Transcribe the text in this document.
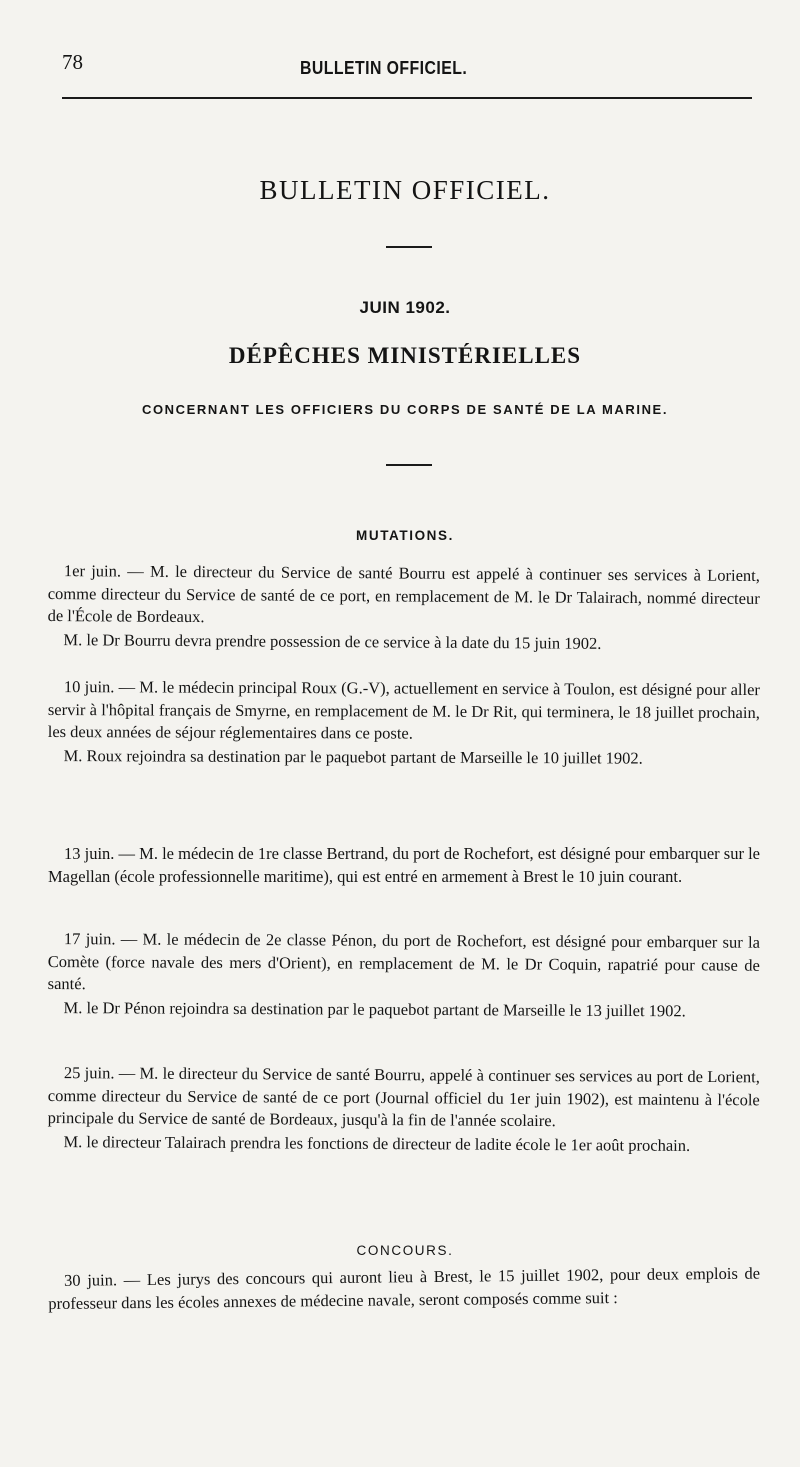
78	BULLETIN OFFICIEL.
BULLETIN OFFICIEL.
JUIN 1902.
DÉPÊCHES MINISTÉRIELLES
CONCERNANT LES OFFICIERS DU CORPS DE SANTÉ DE LA MARINE.
MUTATIONS.

1er juin. — M. le directeur du Service de santé Bourru est appelé à continuer ses services à Lorient, comme directeur du Service de santé de ce port, en remplacement de M. le Dr Talairach, nommé directeur de l'École de Bordeaux.

M. le Dr Bourru devra prendre possession de ce service à la date du 15 juin 1902.

10 juin. — M. le médecin principal Roux (G.-V), actuellement en service à Toulon, est désigné pour aller servir à l'hôpital français de Smyrne, en remplacement de M. le Dr Rit, qui terminera, le 18 juillet prochain, les deux années de séjour réglementaires dans ce poste.

M. Roux rejoindra sa destination par le paquebot partant de Marseille le 10 juillet 1902.

13 juin. — M. le médecin de 1re classe Bertrand, du port de Rochefort, est désigné pour embarquer sur le Magellan (école professionnelle maritime), qui est entré en armement à Brest le 10 juin courant.

17 juin. — M. le médecin de 2e classe Pénon, du port de Rochefort, est désigné pour embarquer sur la Comète (force navale des mers d'Orient), en remplacement de M. le Dr Coquin, rapatrié pour cause de santé.

M. le Dr Pénon rejoindra sa destination par le paquebot partant de Marseille le 13 juillet 1902.

25 juin. — M. le directeur du Service de santé Bourru, appelé à continuer ses services au port de Lorient, comme directeur du Service de santé de ce port (Journal officiel du 1er juin 1902), est maintenu à l'école principale du Service de santé de Bordeaux, jusqu'à la fin de l'année scolaire.

M. le directeur Talairach prendra les fonctions de directeur de ladite école le 1er août prochain.

CONCOURS.

30 juin. — Les jurys des concours qui auront lieu à Brest, le 15 juillet 1902, pour deux emplois de professeur dans les écoles annexes de médecine navale, seront composés comme suit :
